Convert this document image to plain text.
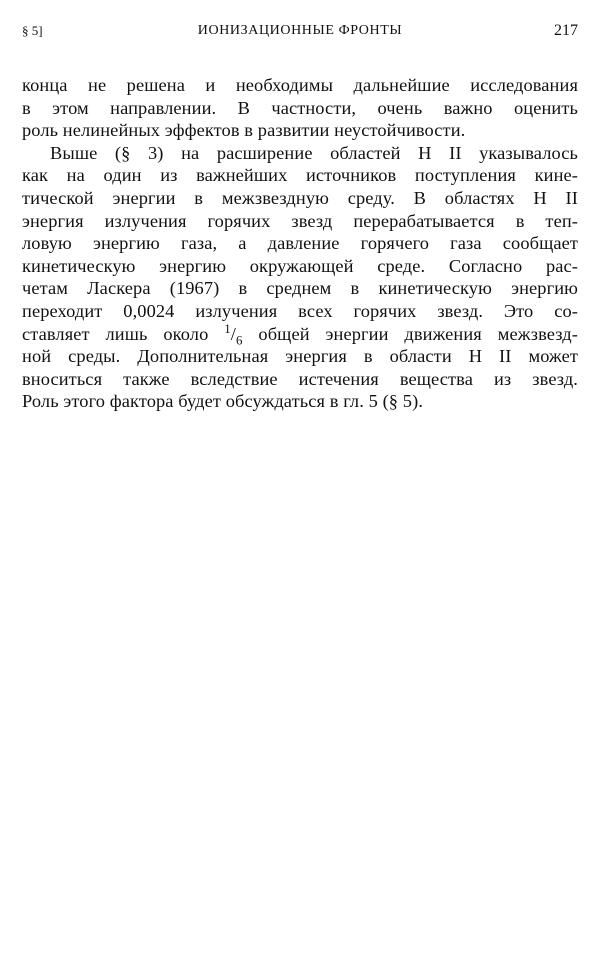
§ 5]	ИОНИЗАЦИОННЫЕ ФРОНТЫ	217
конца не решена и необходимы дальнейшие исследования
в этом направлении. В частности, очень важно оценить
роль нелинейных эффектов в развитии неустойчивости.
Выше (§ 3) на расширение областей H II указывалось
как на один из важнейших источников поступления кине-
тической энергии в межзвездную среду. В областях H II
энергия излучения горячих звезд перерабатывается в теп-
ловую энергию газа, а давление горячего газа сообщает
кинетическую энергию окружающей среде. Согласно рас-
четам Ласкера (1967) в среднем в кинетическую энергию
переходит 0,0024 излучения всех горячих звезд. Это со-
ставляет лишь около $^1/_6$ общей энергии движения межзвезд-
ной среды. Дополнительная энергия в области H II может
вноситься также вследствие истечения вещества из звезд.
Роль этого фактора будет обсуждаться в гл. 5 (§ 5).
